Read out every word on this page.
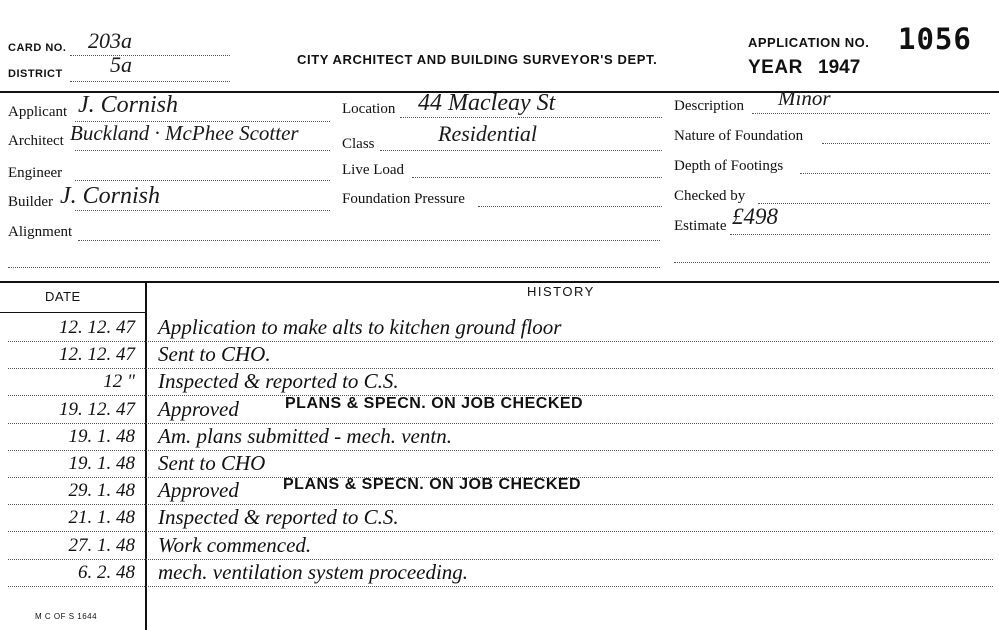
CARD NO. 203a
DISTRICT 5a	CITY ARCHITECT AND BUILDING SURVEYOR'S DEPT.
APPLICATION NO. 1056
YEAR 1947
Applicant J. Cornish
Architect Buckland · McPhee Scotter
Engineer
Builder J. Cornish
Alignment
Location 44 Macleay St
Class	Residential
Live Load
Foundation Pressure
Description Minor
Nature of Foundation
Depth of Footings
Checked by
Estimate £498
DATE	HISTORY
12. 12. 47 Application to make alts to kitchen ground floor
12. 12. 47 Sent to CHO.
12 " Inspected & reported to C.S.
19. 12. 47 Approved	PLANS & SPECN. ON JOB CHECKED
19. 1. 48 Am. plans submitted - mech. ventn.
19. 1. 48 Sent to CHO
29. 1. 48 Approved	PLANS & SPECN. ON JOB CHECKED
21. 1. 48 Inspected & reported to C.S.
27. 1. 48 Work commenced.
6. 2. 48 mech. ventilation system proceeding.
M C OF S 1644
